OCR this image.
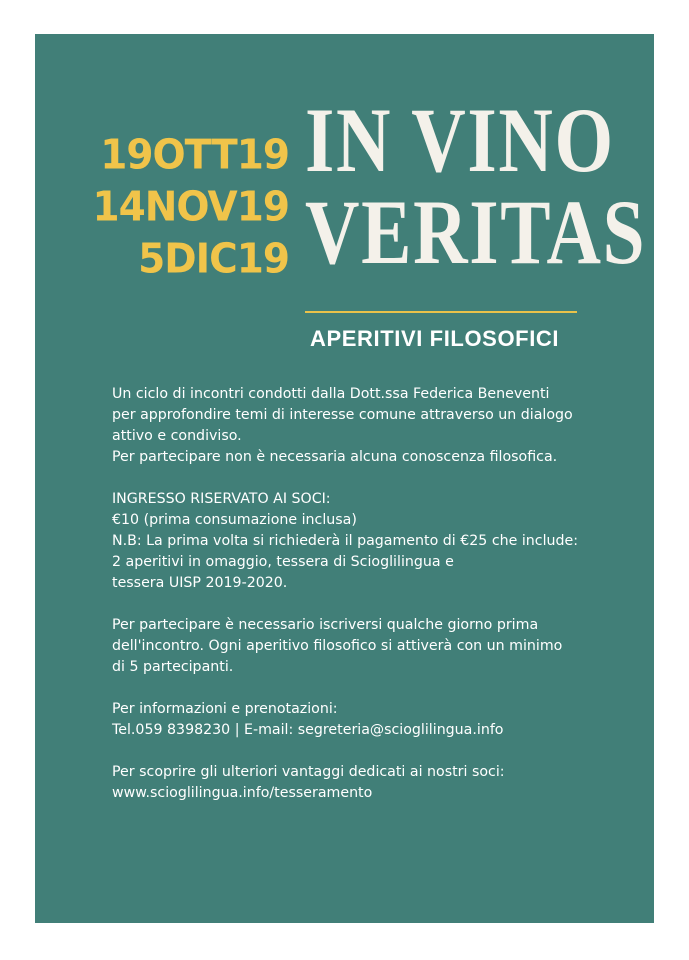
19OTT19
14NOV19
5DIC19
IN VINO
VERITAS
APERITIVI FILOSOFICI
Un ciclo di incontri condotti dalla Dott.ssa Federica Beneventi
per approfondire temi di interesse comune attraverso un dialogo
attivo e condiviso.
Per partecipare non è necessaria alcuna conoscenza filosofica.
INGRESSO RISERVATO AI SOCI:
€10 (prima consumazione inclusa)
N.B: La prima volta si richiederà il pagamento di €25 che include:
2 aperitivi in omaggio, tessera di Scioglilingua e
tessera UISP 2019-2020.
Per partecipare è necessario iscriversi qualche giorno prima
dell'incontro. Ogni aperitivo filosofico si attiverà con un minimo
di 5 partecipanti.
Per informazioni e prenotazioni:
Tel.059 8398230 | E-mail: segreteria@scioglilingua.info
Per scoprire gli ulteriori vantaggi dedicati ai nostri soci:
www.scioglilingua.info/tesseramento
